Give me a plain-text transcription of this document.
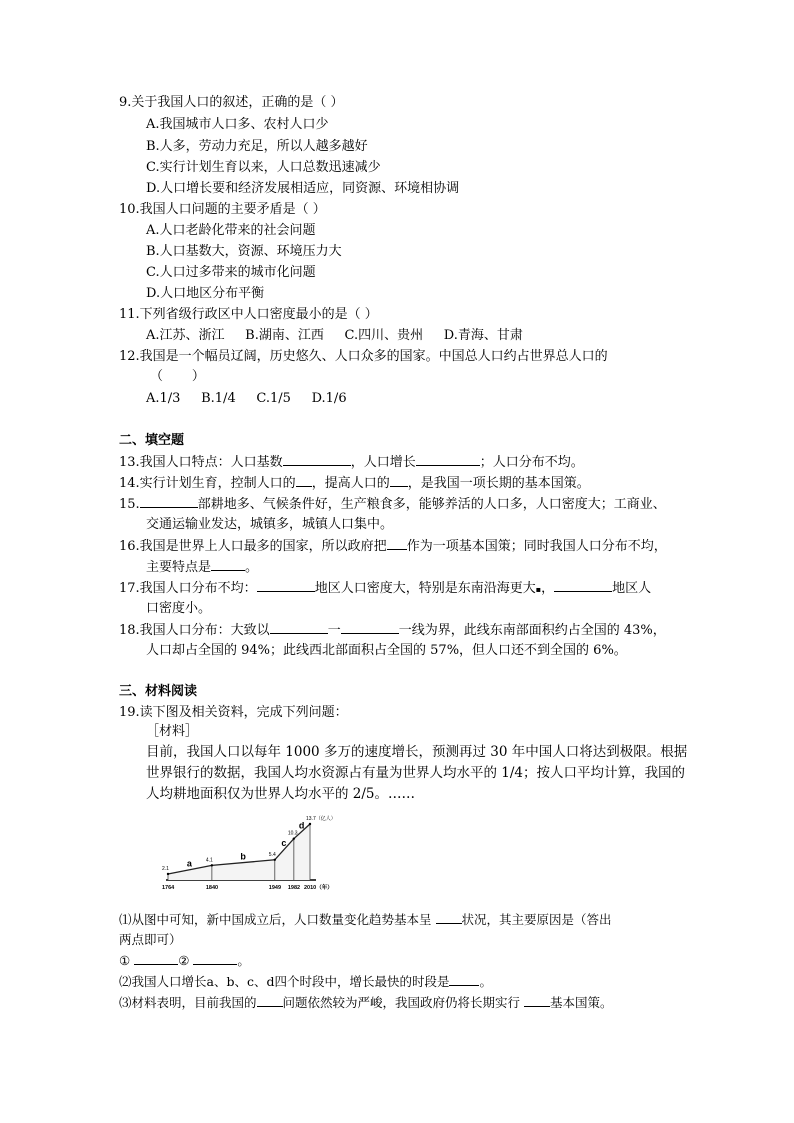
9.关于我国人口的叙述，正确的是（ ）
A.我国城市人口多、农村人口少
B.人多，劳动力充足，所以人越多越好
C.实行计划生育以来，人口总数迅速减少
D.人口增长要和经济发展相适应，同资源、环境相协调
10.我国人口问题的主要矛盾是（ ）
A.人口老龄化带来的社会问题
B.人口基数大，资源、环境压力大
C.人口过多带来的城市化问题
D.人口地区分布平衡
11.下列省级行政区中人口密度最小的是（ ）
A.江苏、浙江     B.湖南、江西     C.四川、贵州     D.青海、甘肃
12.我国是一个幅员辽阔，历史悠久、人口众多的国家。中国总人口约占世界总人口的
（       ）
A.1/3     B.1/4     C.1/5     D.1/6
二、填空题
13.我国人口特点：人口基数	，人口增长	；人口分布不均。
14.实行计划生育，控制人口的 ，提高人口的 ，是我国一项长期的基本国策。
15.	部耕地多、气候条件好，生产粮食多，能够养活的人口多，人口密度大；工商业、
交通运输业发达，城镇多，城镇人口集中。
16.我国是世界上人口最多的国家，所以政府把 作为一项基本国策；同时我国人口分布不均，
主要特点是	。
17.我国人口分布不均：	地区人口密度大，特别是东南沿海更大▪，	地区人
口密度小。
18.我国人口分布：大致以	一	一线为界，此线东南部面积约占全国的 43%，
人口却占全国的 94%；此线西北部面积占全国的 57%，但人口还不到全国的 6%。
三、材料阅读
19.读下图及相关资料，完成下列问题：
［材料］
目前，我国人口以每年 1000 多万的速度增长，预测再过 30 年中国人口将达到极限。根据
世界银行的数据，我国人均水资源占有量为世界人均水平的 1/4；按人口平均计算，我国的
人均耕地面积仅为世界人均水平的 2/5。……
2.1
1764
4.1
1840
5.4
1949
10.3
1982
13.7（亿人）
2010（年）
a
b
c
d
⑴从图中可知，新中国成立后，人口数量变化趋势基本呈 状况，其主要原因是（答出
两点即可）
①	②	。
⑵我国人口增长a、b、c、d四个时段中，增长最快的时段是 。
⑶材料表明，目前我国的 问题依然较为严峻，我国政府仍将长期实行 基本国策。
